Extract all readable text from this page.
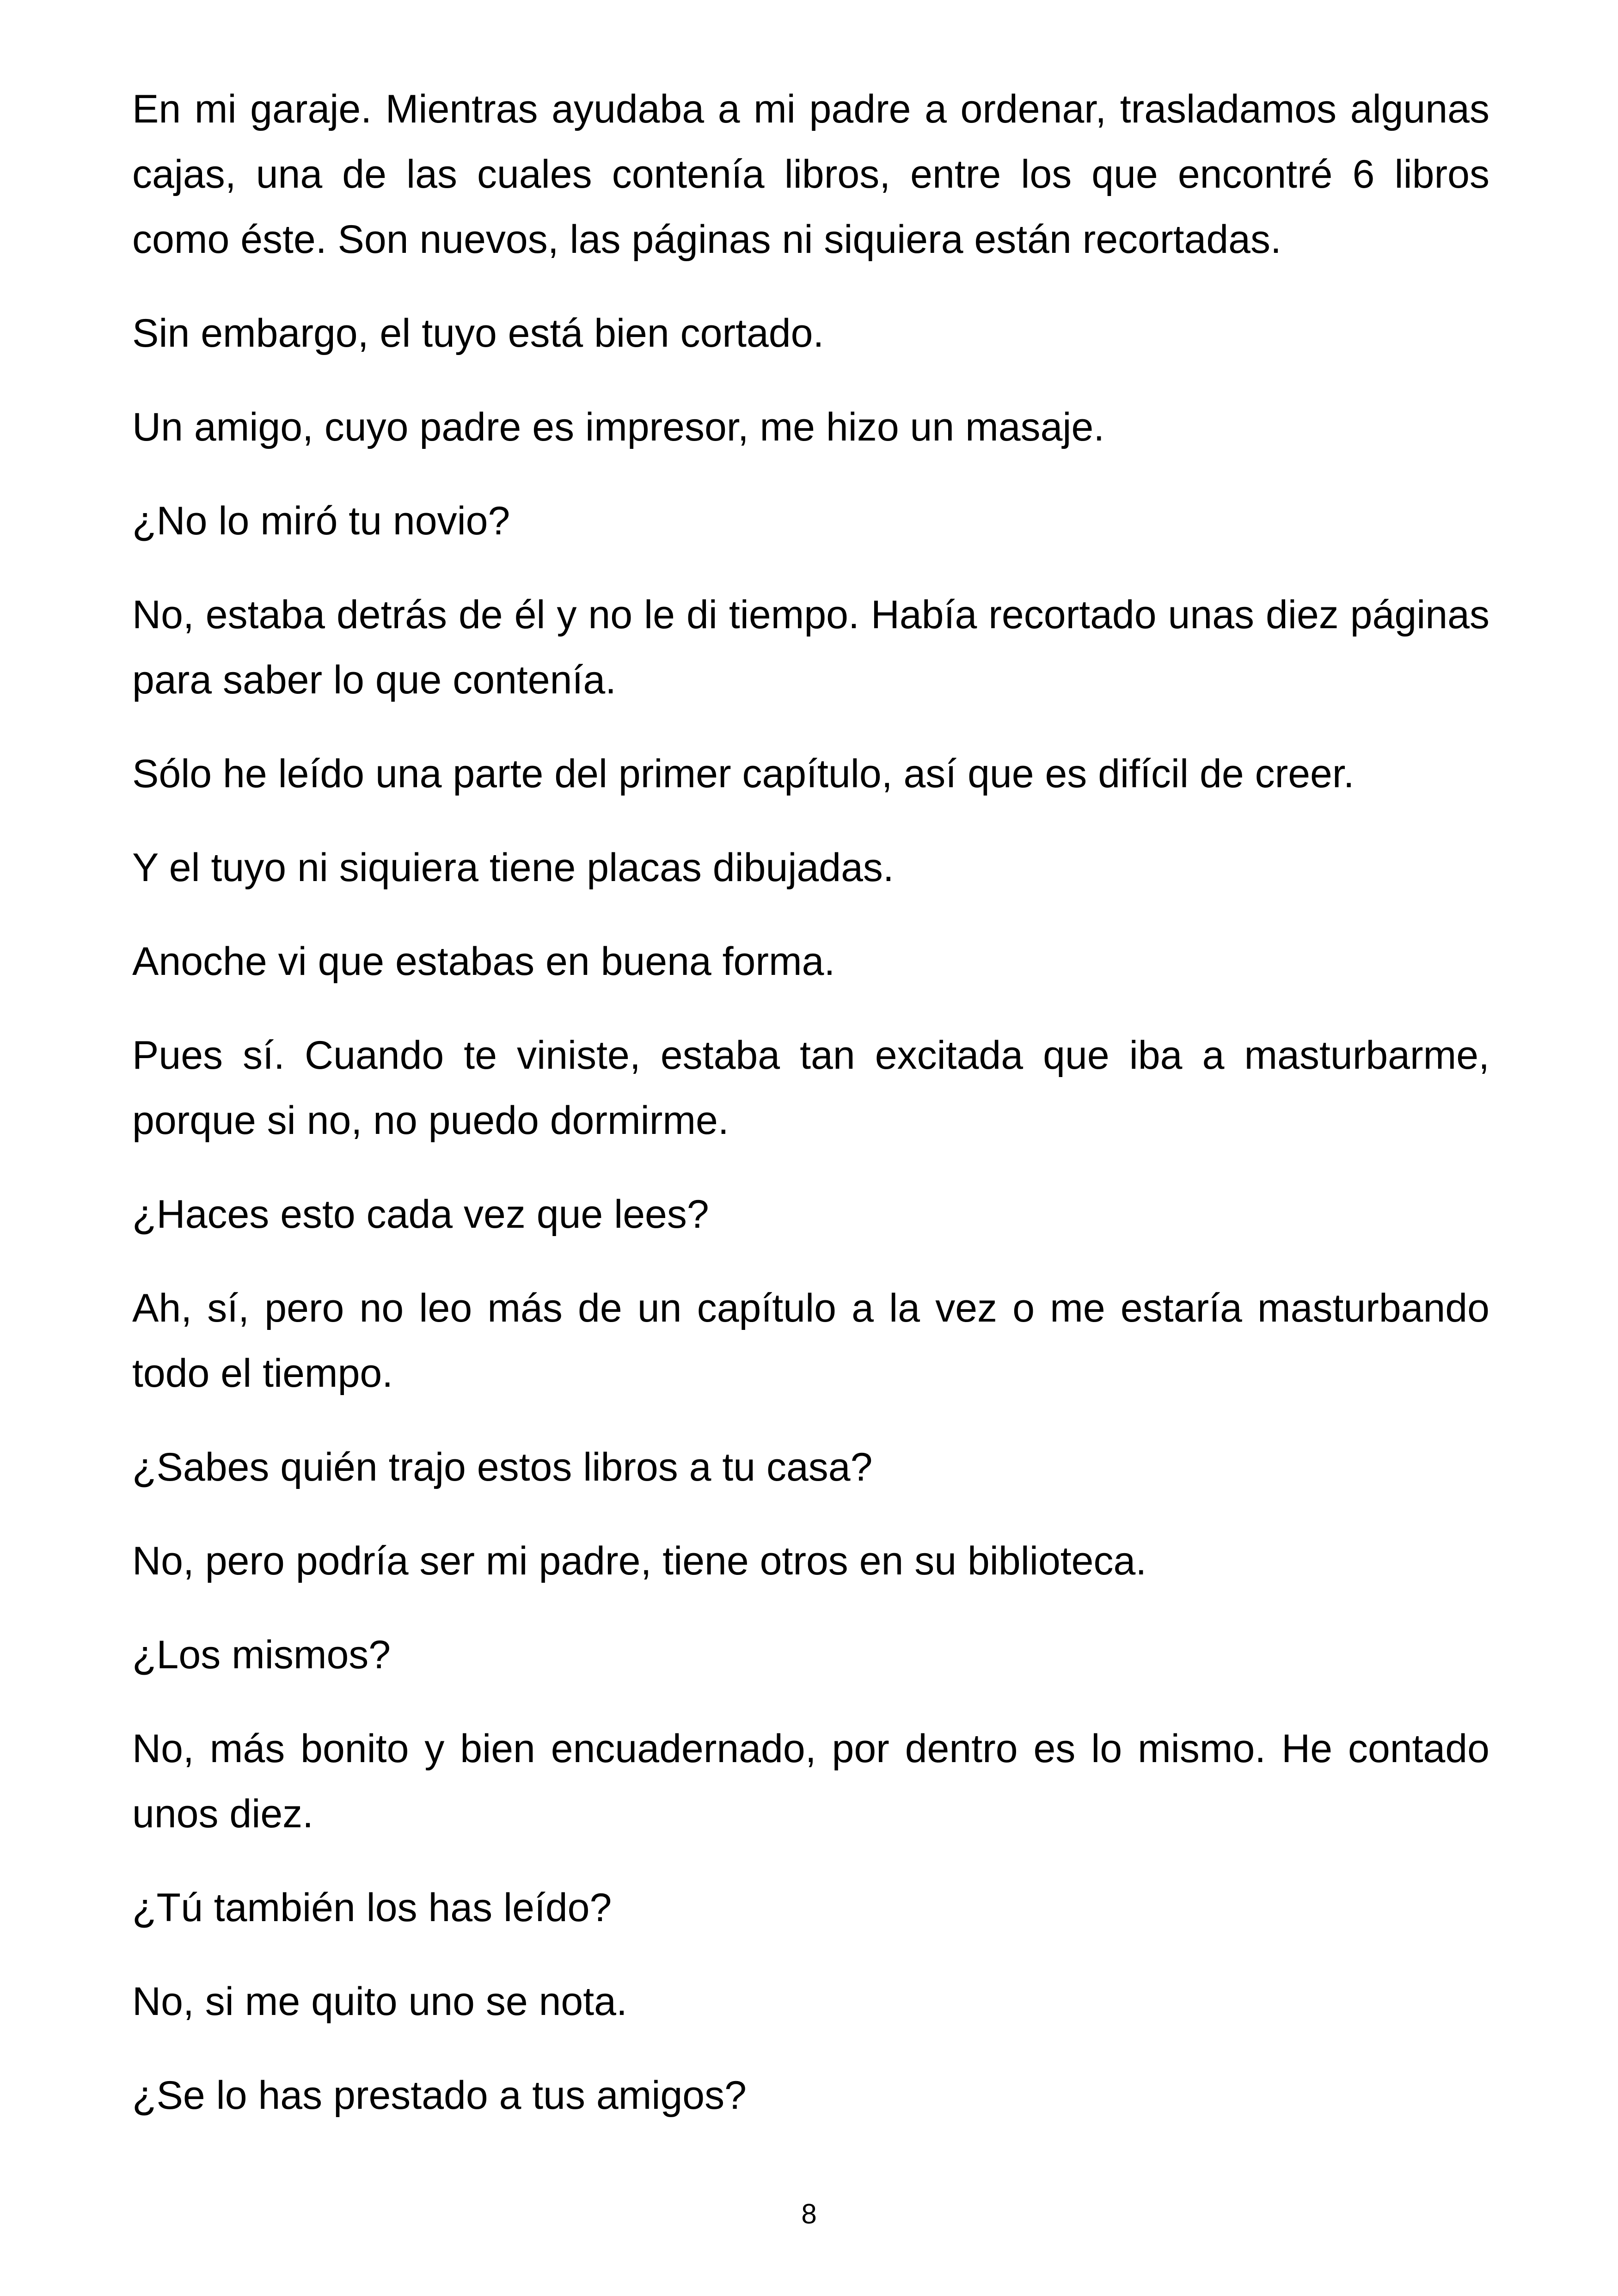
En mi garaje. Mientras ayudaba a mi padre a ordenar, trasladamos algunas cajas, una de las cuales contenía libros, entre los que encontré 6 libros como éste. Son nuevos, las páginas ni siquiera están recortadas.

Sin embargo, el tuyo está bien cortado.

Un amigo, cuyo padre es impresor, me hizo un masaje.

¿No lo miró tu novio?

No, estaba detrás de él y no le di tiempo. Había recortado unas diez páginas para saber lo que contenía.

Sólo he leído una parte del primer capítulo, así que es difícil de creer.

Y el tuyo ni siquiera tiene placas dibujadas.

Anoche vi que estabas en buena forma.

Pues sí. Cuando te viniste, estaba tan excitada que iba a masturbarme, porque si no, no puedo dormirme.

¿Haces esto cada vez que lees?

Ah, sí, pero no leo más de un capítulo a la vez o me estaría masturbando todo el tiempo.

¿Sabes quién trajo estos libros a tu casa?

No, pero podría ser mi padre, tiene otros en su biblioteca.

¿Los mismos?

No, más bonito y bien encuadernado, por dentro es lo mismo. He contado unos diez.

¿Tú también los has leído?

No, si me quito uno se nota.

¿Se lo has prestado a tus amigos?

8
